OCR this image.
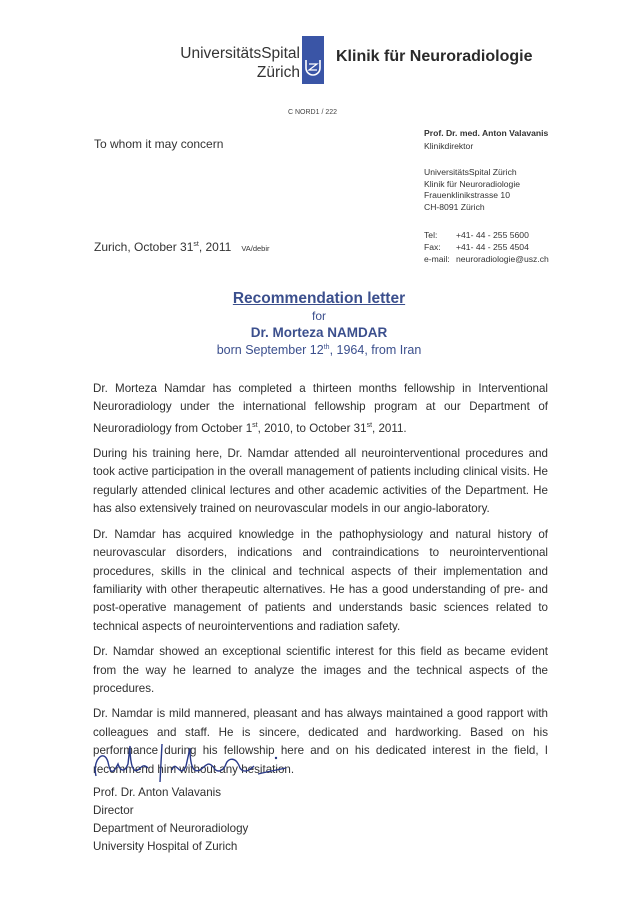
UniversitätsSpital
Zürich
Klinik für Neuroradiologie
C NORD1 / 222
To whom it may concern
Prof. Dr. med. Anton Valavanis
Klinikdirektor
UniversitätsSpital Zürich
Klinik für Neuroradiologie
Frauenklinikstrasse 10
CH-8091 Zürich
Tel:	+41- 44 - 255 5600
Fax:	+41- 44 - 255 4504
e-mail:	neuroradiologie@usz.ch
Zurich, October 31st, 2011 VA/debir
Recommendation letter
for
Dr. Morteza NAMDAR
born September 12th, 1964, from Iran

Dr. Morteza Namdar has completed a thirteen months fellowship in Interventional Neuroradiology under the international fellowship program at our Department of Neuroradiology from October 1st, 2010, to October 31st, 2011.

During his training here, Dr. Namdar attended all neurointerventional procedures and took active participation in the overall management of patients including clinical visits. He regularly attended clinical lectures and other academic activities of the Department. He has also extensively trained on neurovascular models in our angio-laboratory.

Dr. Namdar has acquired knowledge in the pathophysiology and natural history of neurovascular disorders, indications and contraindications to neurointerventional procedures, skills in the clinical and technical aspects of their implementation and familiarity with other therapeutic alternatives. He has a good understanding of pre- and post-operative management of patients and understands basic sciences related to technical aspects of neurointerventions and radiation safety.

Dr. Namdar showed an exceptional scientific interest for this field as became evident from the way he learned to analyze the images and the technical aspects of the procedures.

Dr. Namdar is mild mannered, pleasant and has always maintained a good rapport with colleagues and staff. He is sincere, dedicated and hardworking. Based on his performance during his fellowship here and on his dedicated interest in the field, I recommend him without any hesitation.

Prof. Dr. Anton Valavanis
Director
Department of Neuroradiology
University Hospital of Zurich
